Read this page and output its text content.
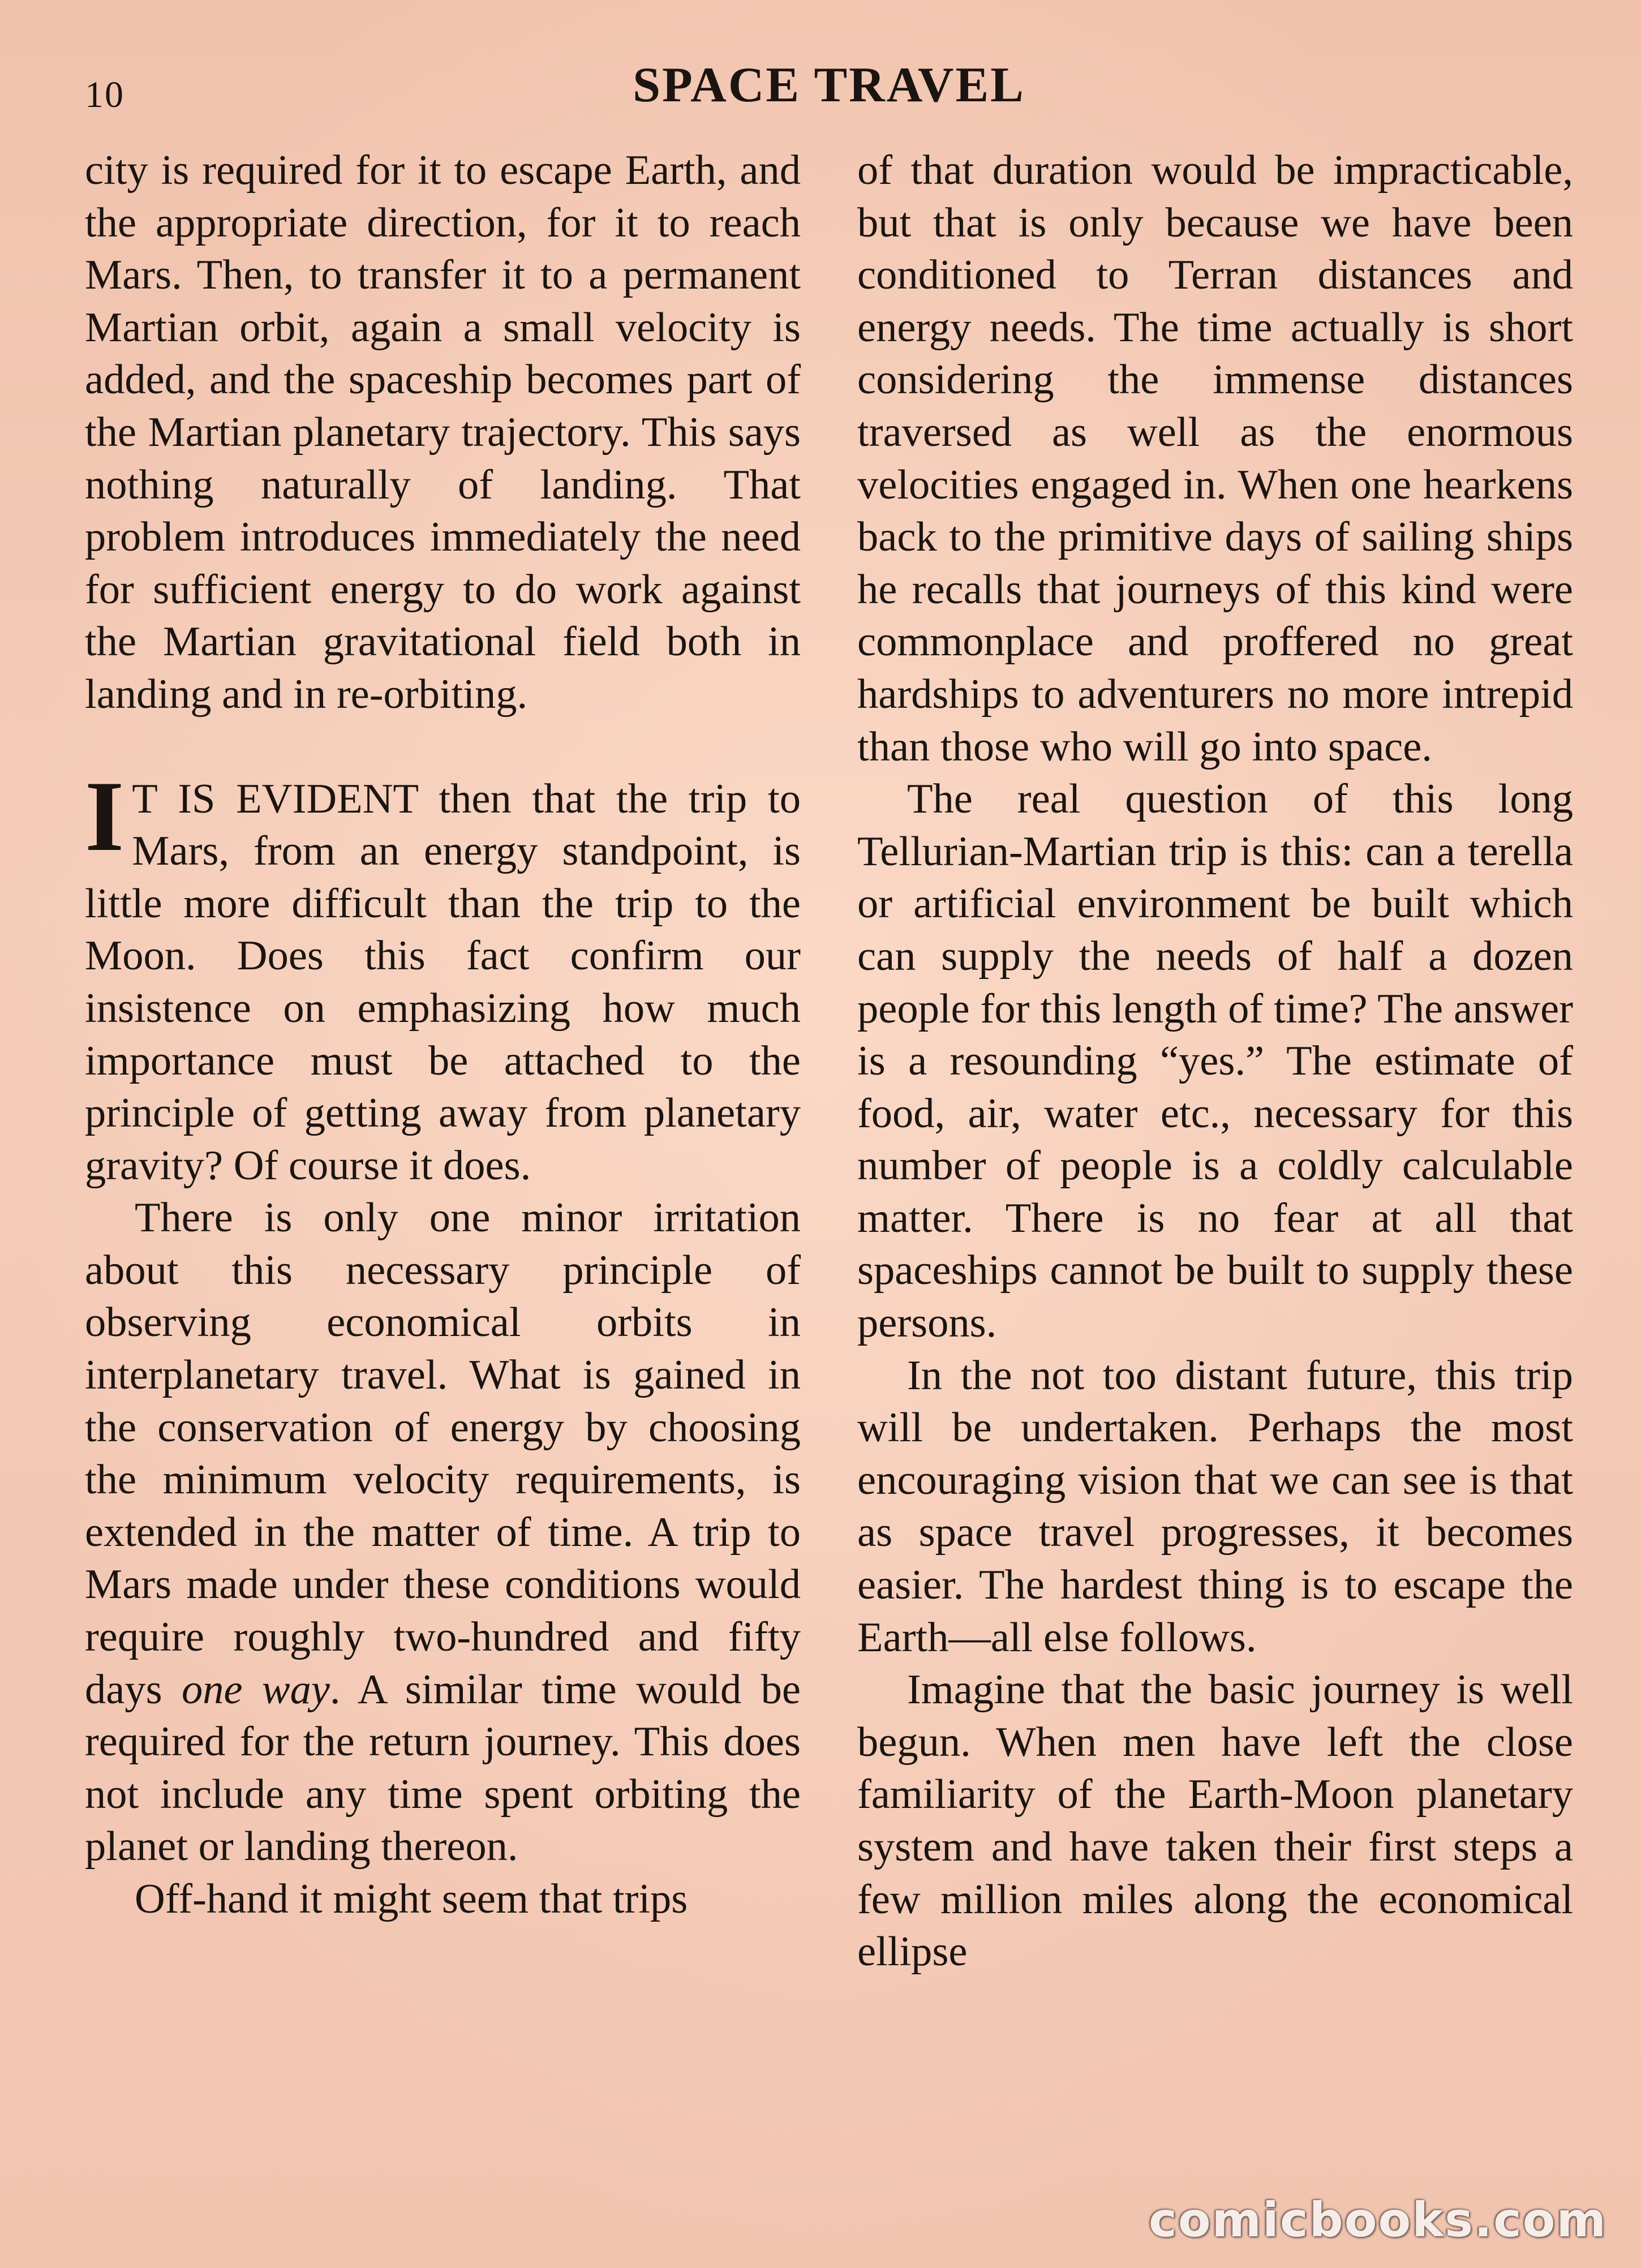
10	SPACE TRAVEL

city is required for it to escape Earth, and the appropriate direction, for it to reach Mars. Then, to transfer it to a permanent Martian orbit, again a small velocity is added, and the spaceship becomes part of the Martian planetary trajectory. This says nothing naturally of landing. That problem introduces immediately the need for sufficient energy to do work against the Martian gravitational field both in landing and in re-orbiting.

I T IS EVIDENT then that the trip to Mars, from an energy standpoint, is little more difficult than the trip to the Moon. Does this fact confirm our insistence on emphasizing how much importance must be attached to the principle of getting away from planetary gravity? Of course it does.

There is only one minor irritation about this necessary principle of observing economical orbits in interplanetary travel. What is gained in the conservation of energy by choosing the minimum velocity requirements, is extended in the matter of time. A trip to Mars made under these conditions would require roughly two-hundred and fifty days one way. A similar time would be required for the return journey. This does not include any time spent orbiting the planet or landing thereon.

Off-hand it might seem that trips

of that duration would be impracticable, but that is only because we have been conditioned to Terran distances and energy needs. The time actually is short considering the immense distances traversed as well as the enormous velocities engaged in. When one hearkens back to the primitive days of sailing ships he recalls that journeys of this kind were commonplace and proffered no great hardships to adventurers no more intrepid than those who will go into space.

The real question of this long Tellurian-Martian trip is this: can a terella or artificial environment be built which can supply the needs of half a dozen people for this length of time? The answer is a resounding “yes.” The estimate of food, air, water etc., necessary for this number of people is a coldly calculable matter. There is no fear at all that spaceships cannot be built to supply these persons.

In the not too distant future, this trip will be undertaken. Perhaps the most encouraging vision that we can see is that as space travel progresses, it becomes easier. The hardest thing is to escape the Earth—all else follows.

Imagine that the basic journey is well begun. When men have left the close familiarity of the Earth-Moon planetary system and have taken their first steps a few million miles along the economical ellipse

comicbooks.com
